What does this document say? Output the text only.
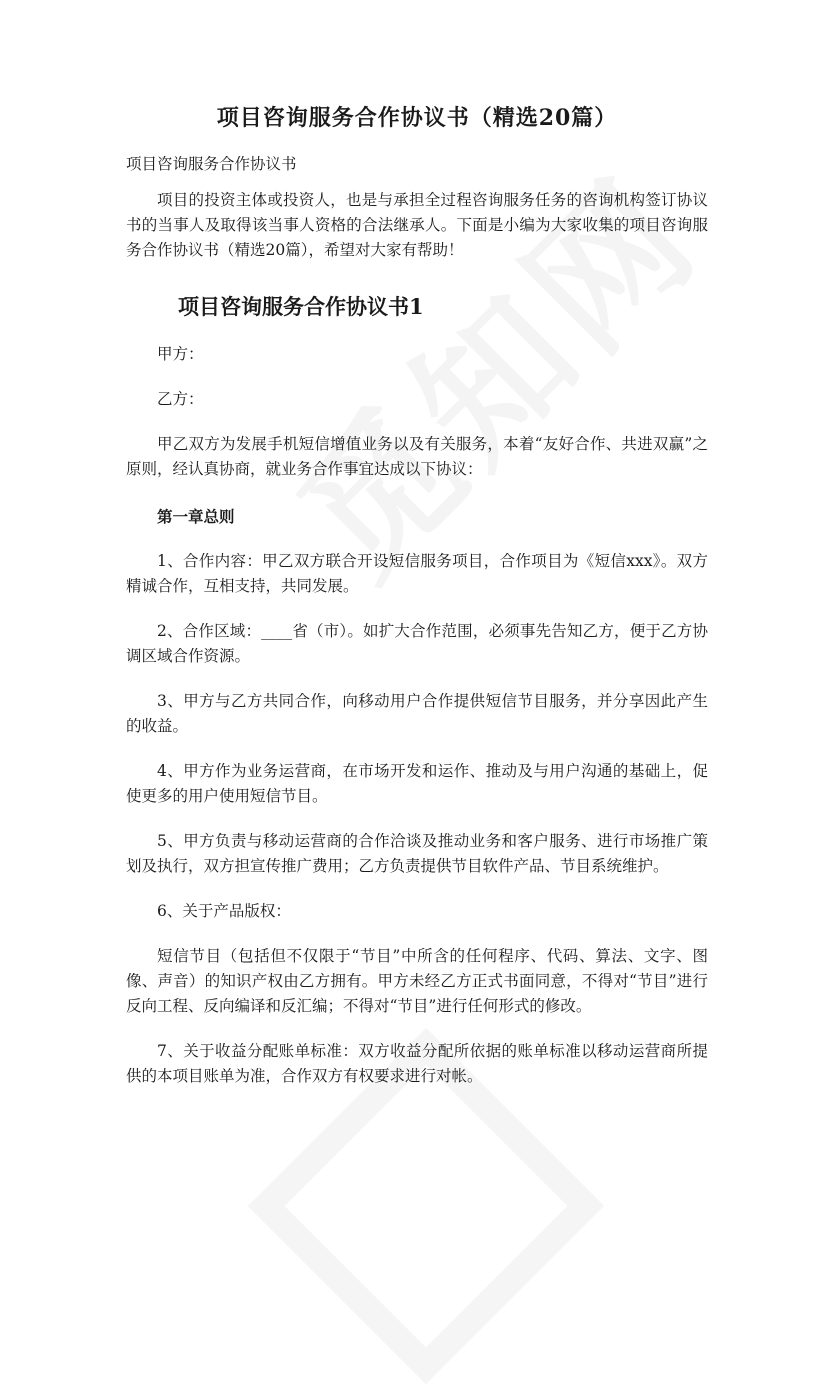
项目咨询服务合作协议书（精选20篇）
项目咨询服务合作协议书

项目的投资主体或投资人，也是与承担全过程咨询服务任务的咨询机构签订协议书的当事人及取得该当事人资格的合法继承人。下面是小编为大家收集的项目咨询服务合作协议书（精选20篇），希望对大家有帮助！

项目咨询服务合作协议书1

甲方：

乙方：

甲乙双方为发展手机短信增值业务以及有关服务，本着“友好合作、共进双赢”之原则，经认真协商，就业务合作事宜达成以下协议：

第一章总则

1、合作内容：甲乙双方联合开设短信服务项目，合作项目为《短信xxx》。双方精诚合作，互相支持，共同发展。

2、合作区域：____省（市）。如扩大合作范围，必须事先告知乙方，便于乙方协调区域合作资源。

3、甲方与乙方共同合作，向移动用户合作提供短信节目服务，并分享因此产生的收益。

4、甲方作为业务运营商，在市场开发和运作、推动及与用户沟通的基础上，促使更多的用户使用短信节目。

5、甲方负责与移动运营商的合作洽谈及推动业务和客户服务、进行市场推广策划及执行，双方担宣传推广费用；乙方负责提供节目软件产品、节目系统维护。

6、关于产品版权：

短信节目（包括但不仅限于“节目”中所含的任何程序、代码、算法、文字、图像、声音）的知识产权由乙方拥有。甲方未经乙方正式书面同意，不得对“节目”进行反向工程、反向编译和反汇编；不得对“节目”进行任何形式的修改。

7、关于收益分配账单标准：双方收益分配所依据的账单标准以移动运营商所提供的本项目账单为准，合作双方有权要求进行对帐。
